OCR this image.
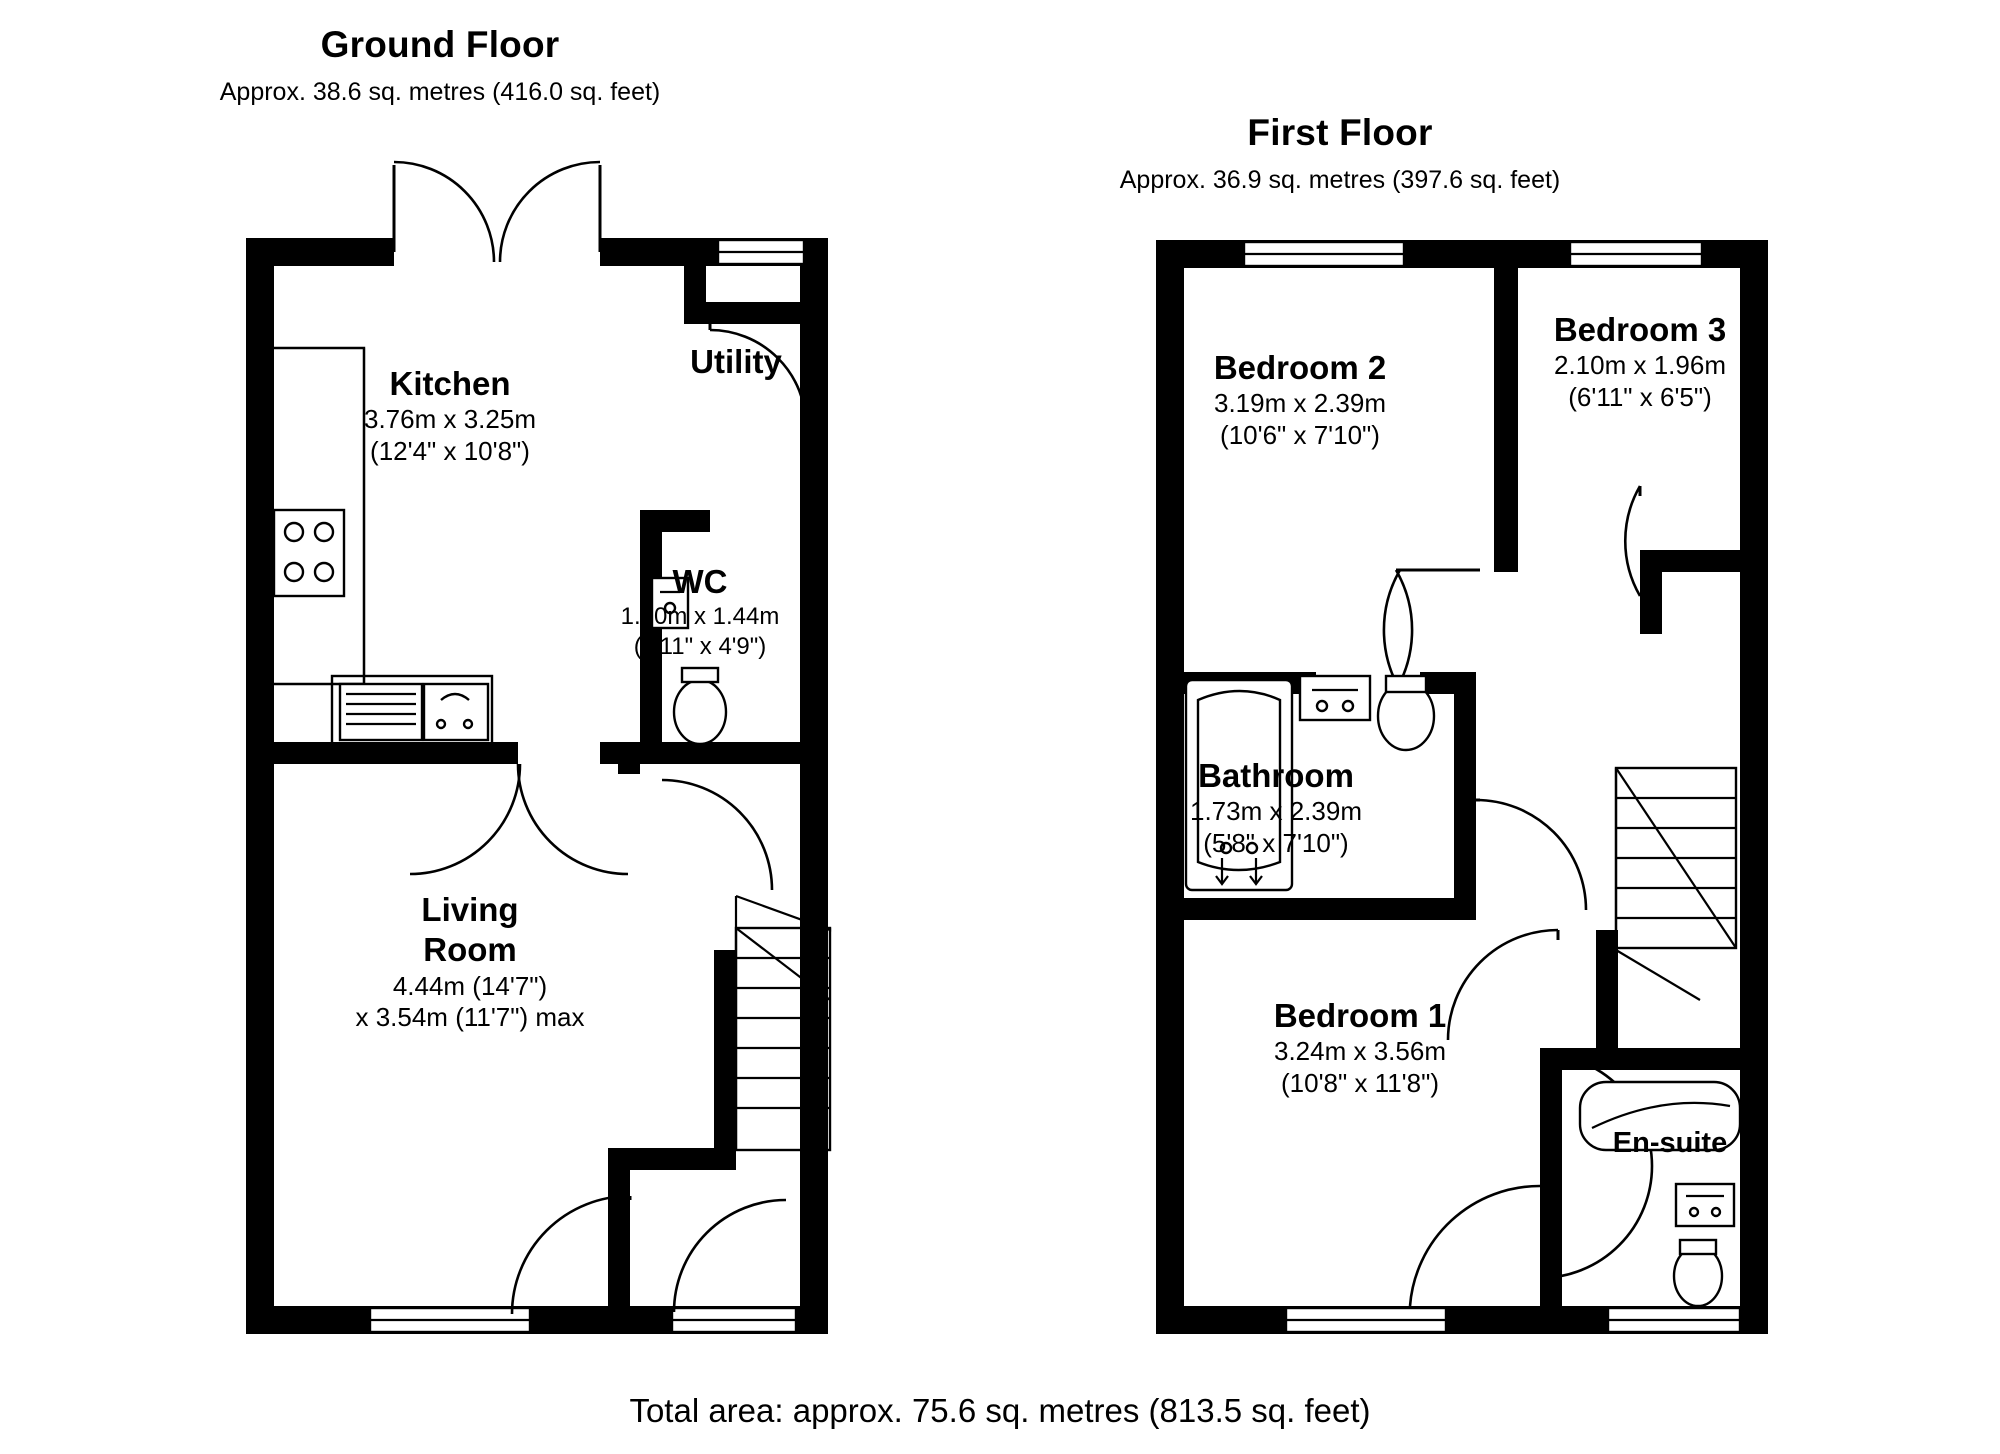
Ground Floor
Approx. 38.6 sq. metres (416.0 sq. feet)
Kitchen
3.76m x 3.25m
(12'4" x 10'8")
Utility
WC
1.80m x 1.44m
(5'11" x 4'9")
Living
Room
4.44m (14'7")
x 3.54m (11'7") max
First Floor
Approx. 36.9 sq. metres (397.6 sq. feet)
Bedroom 2
3.19m x 2.39m
(10'6" x 7'10")
Bedroom 3
2.10m x 1.96m
(6'11" x 6'5")
Bathroom
1.73m x 2.39m
(5'8" x 7'10")
Bedroom 1
3.24m x 3.56m
(10'8" x 11'8")
En-suite
Total area: approx. 75.6 sq. metres (813.5 sq. feet)
